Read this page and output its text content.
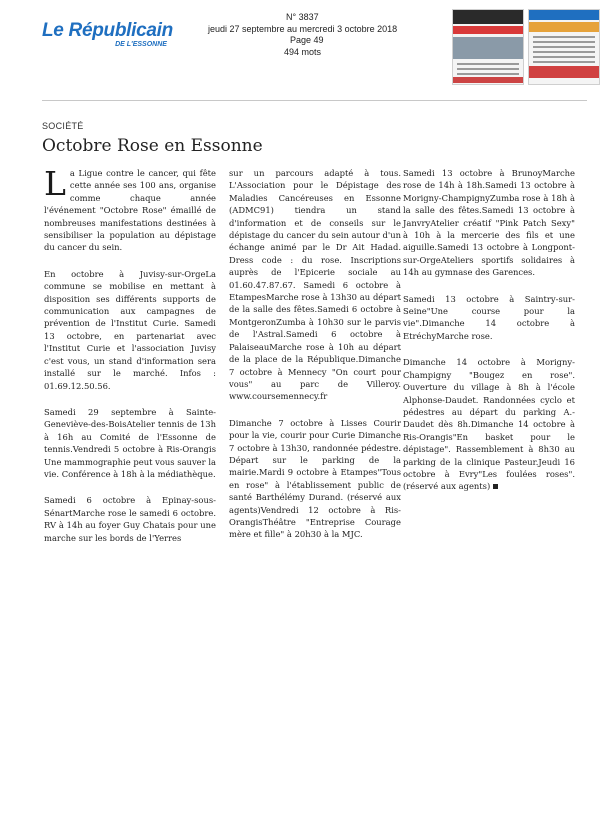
Le Républicain
DE L'ESSONNE
N° 3837
jeudi 27 septembre au mercredi 3 octobre 2018
Page 49
494 mots
SOCIÉTÉ
Octobre Rose en Essonne

La Ligue contre le cancer, qui fête cette année ses 100 ans, organise comme chaque année l'événement "Octobre Rose" émaillé de nombreuses manifestations destinées à sensibiliser la population au dépistage du cancer du sein.

En octobre à Juvisy-sur-OrgeLa commune se mobilise en mettant à disposition ses différents supports de communication aux campagnes de prévention de l'Institut Curie. Samedi 13 octobre, en partenariat avec l'Institut Curie et l'association Juvisy c'est vous, un stand d'information sera installé sur le marché. Infos : 01.69.12.50.56.

Samedi 29 septembre à Sainte-Geneviève-des-BoisAtelier tennis de 13h à 16h au Comité de l'Essonne de tennis.Vendredi 5 octobre à Ris-Orangis Une mammographie peut vous sauver la vie. Conférence à 18h à la médiathèque.

Samedi 6 octobre à Epinay-sous-SénartMarche rose le samedi 6 octobre. RV à 14h au foyer Guy Chatais pour une marche sur les bords de l'Yerres

sur un parcours adapté à tous. L'Association pour le Dépistage des Maladies Cancéreuses en Essonne (ADMC91) tiendra un stand d'information et de conseils sur le dépistage du cancer du sein autour d'un échange animé par le Dr Ait Hadad. Dress code : du rose. Inscriptions auprès de l'Epicerie sociale au 01.60.47.87.67. Samedi 6 octobre à EtampesMarche rose à 13h30 au départ de la salle des fêtes.Samedi 6 octobre à MontgeronZumba à 10h30 sur le parvis de l'Astral.Samedi 6 octobre à PalaiseauMarche rose à 10h au départ de la place de la République.Dimanche 7 octobre à Mennecy "On court pour vous" au parc de Villeroy. www.coursemennecy.fr

Dimanche 7 octobre à Lisses Courir pour la vie, courir pour Curie Dimanche 7 octobre à 13h30, randonnée pédestre. Départ sur le parking de la mairie.Mardi 9 octobre à Etampes"Tous en rose" à l'établissement public de santé Barthélémy Durand. (réservé aux agents)Vendredi 12 octobre à Ris-OrangisThéâtre "Entreprise Courage mère et fille" à 20h30 à la MJC.

Samedi 13 octobre à BrunoyMarche rose de 14h à 18h.Samedi 13 octobre à Morigny-ChampignyZumba rose à 18h à la salle des fêtes.Samedi 13 octobre à JanvryAtelier créatif "Pink Patch Sexy" à 10h à la mercerie des fils et une aiguille.Samedi 13 octobre à Longpont-sur-OrgeAteliers sportifs solidaires à 14h au gymnase des Garences.

Samedi 13 octobre à Saintry-sur-Seine"Une course pour la vie".Dimanche 14 octobre à EtréchyMarche rose.

Dimanche 14 octobre à Morigny-Champigny "Bougez en rose". Ouverture du village à 8h à l'école Alphonse-Daudet. Randonnées cyclo et pédestres au départ du parking A.-Daudet dès 8h.Dimanche 14 octobre à Ris-Orangis"En basket pour le dépistage". Rassemblement à 8h30 au parking de la clinique Pasteur.Jeudi 16 octobre à Evry"Les foulées roses". (réservé aux agents)
